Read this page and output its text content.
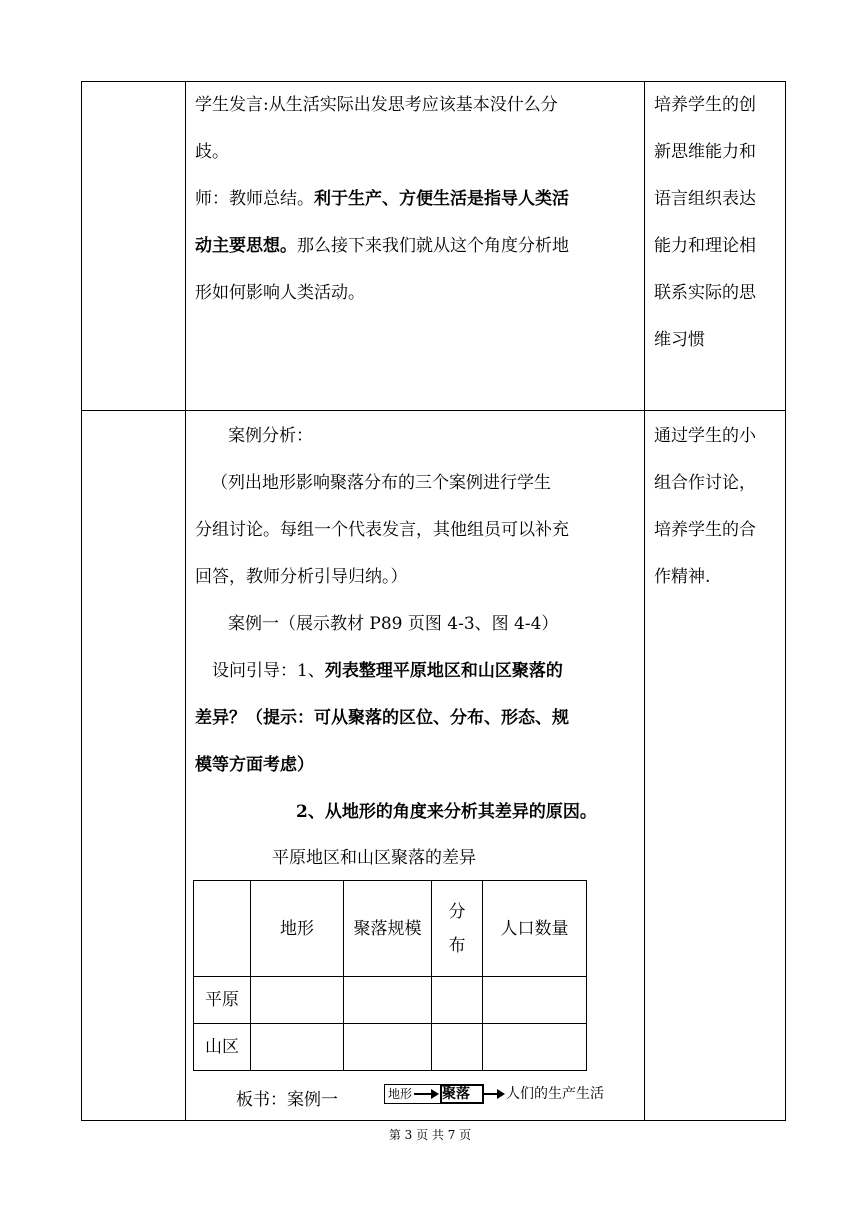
学生发言:从生活实际出发思考应该基本没什么分
歧。
师：教师总结。利于生产、方便生活是指导人类活
动主要思想。那么接下来我们就从这个角度分析地
形如何影响人类活动。
培养学生的创
新思维能力和
语言组织表达
能力和理论相
联系实际的思
维习惯
案例分析：
（列出地形影响聚落分布的三个案例进行学生
分组讨论。每组一个代表发言，其他组员可以补充
回答，教师分析引导归纳。）
案例一（展示教材 P89 页图 4-3、图 4-4）
设问引导：1、列表整理平原地区和山区聚落的
差异？（提示：可从聚落的区位、分布、形态、规
模等方面考虑）
2、从地形的角度来分析其差异的原因。
平原地区和山区聚落的差异
	地形	聚落规模	分布	人口数量
平原				
山区				
板书：案例一	地形 聚落	人们的生产生活
通过学生的小
组合作讨论，
培养学生的合
作精神.
第 3 页 共 7 页
